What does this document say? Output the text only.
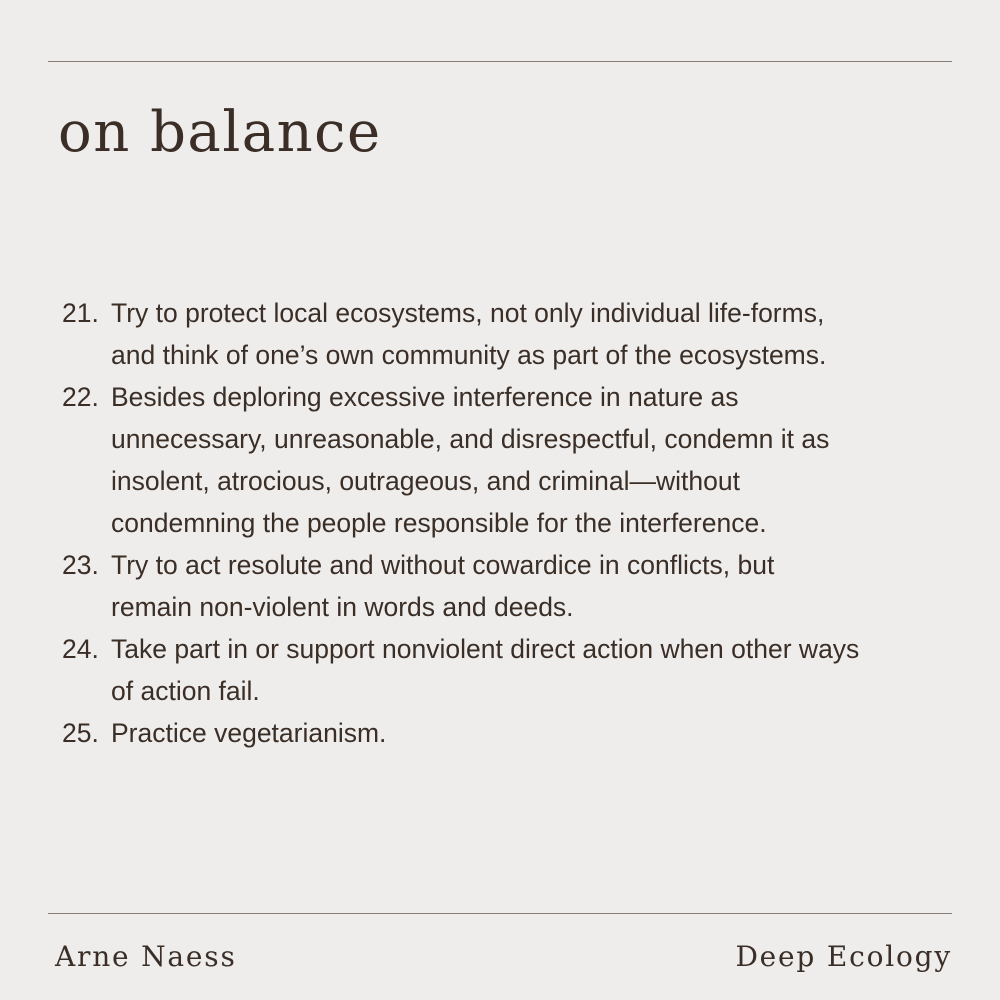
on balance
21. Try to protect local ecosystems, not only individual life-forms,
and think of one’s own community as part of the ecosystems.
22. Besides deploring excessive interference in nature as
unnecessary, unreasonable, and disrespectful, condemn it as
insolent, atrocious, outrageous, and criminal—without
condemning the people responsible for the interference.
23. Try to act resolute and without cowardice in conflicts, but
remain non-violent in words and deeds.
24. Take part in or support nonviolent direct action when other ways
of action fail.
25. Practice vegetarianism.
Arne Naess	Deep Ecology
